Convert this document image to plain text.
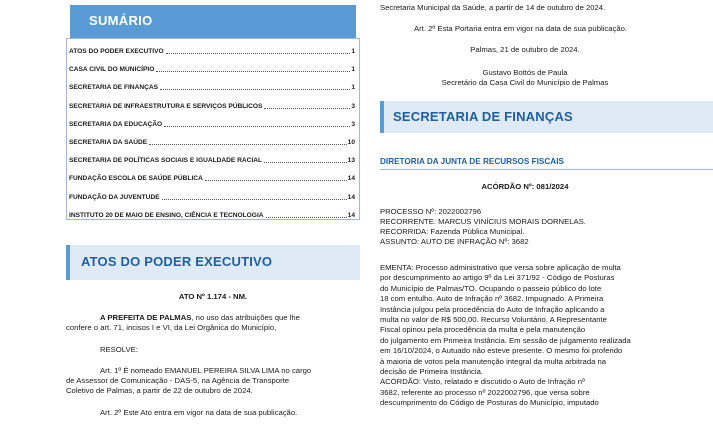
SUMÁRIO
ATOS DO PODER EXECUTIVO	1
CASA CIVIL DO MUNICÍPIO	1
SECRETARIA DE FINANÇAS	1
SECRETARIA DE INFRAESTRUTURA E SERVIÇOS PÚBLICOS	3
SECRETARIA DA EDUCAÇÃO	3
SECRETARIA DA SAÚDE	10
SECRETARIA DE POLÍTICAS SOCIAIS E IGUALDADE RACIAL	13
FUNDAÇÃO ESCOLA DE SAÚDE PÚBLICA	14
FUNDAÇÃO DA JUVENTUDE	14
INSTITUTO 20 DE MAIO DE ENSINO, CIÊNCIA E TECNOLOGIA	14
ATOS DO PODER EXECUTIVO
ATO Nº 1.174 - NM.
A PREFEITA DE PALMAS, no uso das atribuições que lhe
confere o art. 71, incisos I e VI, da Lei Orgânica do Município,
RESOLVE:
Art. 1º É nomeado EMANUEL PEREIRA SILVA LIMA no cargo
de Assessor de Comunicação - DAS-5, na Agência de Transporte
Coletivo de Palmas, a partir de 22 de outubro de 2024.
Art. 2º Este Ato entra em vigor na data de sua publicação.
Secretaria Municipal da Saúde, a partir de 14 de outubro de 2024.
Art. 2º Esta Portaria entra em vigor na data de sua publicação.
Palmas, 21 de outubro de 2024.
Gustavo Bottós de Paula
Secretário da Casa Civil do Município de Palmas
SECRETARIA DE FINANÇAS
DIRETORIA DA JUNTA DE RECURSOS FISCAIS
ACÓRDÃO Nº: 081/2024
PROCESSO Nº: 2022002796
RECORRENTE: MARCUS VINÍCIUS MORAIS DORNELAS.
RECORRIDA: Fazenda Pública Municipal.
ASSUNTO: AUTO DE INFRAÇÃO Nº: 3682
EMENTA: Processo administrativo que versa sobre aplicação de multa
por descumprimento ao artigo 9º da Lei 371/92 - Código de Posturas
do Município de Palmas/TO. Ocupando o passeio público do lote
18 com entulho. Auto de Infração nº 3682. Impugnado. A Primeira
Instância julgou pela procedência do Auto de Infração aplicando a
multa no valor de R$ 500,00. Recurso Voluntário. A Representante
Fiscal opinou pela procedência da multa e pela manutenção
do julgamento em Primeira Instância. Em sessão de julgamento realizada
em 16/10/2024, o Autuado não esteve presente. O mesmo foi proferido
à maioria de votos pela manutenção integral da multa arbitrada na
decisão de Primeira Instância.
ACÓRDÃO: Visto, relatado e discutido o Auto de Infração nº
3682, referente ao processo nº 2022002796, que versa sobre
descumprimento do Código de Posturas do Município, imputado
